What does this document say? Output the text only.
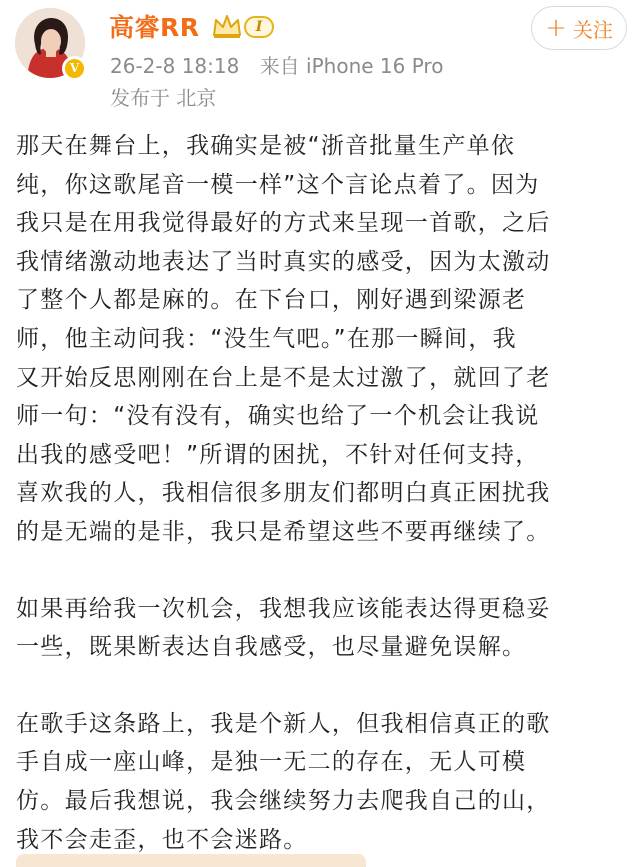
V
高睿RR	I
26-2-8 18:18 来自 iPhone 16 Pro
发布于 北京
+ 关注
那天在舞台上，我确实是被“浙音批量生产单依
纯，你这歌尾音一模一样”这个言论点着了。因为
我只是在用我觉得最好的方式来呈现一首歌，之后
我情绪激动地表达了当时真实的感受，因为太激动
了整个人都是麻的。在下台口，刚好遇到梁源老
师，他主动问我：“没生气吧。”在那一瞬间，我
又开始反思刚刚在台上是不是太过激了，就回了老
师一句：“没有没有，确实也给了一个机会让我说
出我的感受吧！”所谓的困扰，不针对任何支持，
喜欢我的人，我相信很多朋友们都明白真正困扰我
的是无端的是非，我只是希望这些不要再继续了。
如果再给我一次机会，我想我应该能表达得更稳妥
一些，既果断表达自我感受，也尽量避免误解。
在歌手这条路上，我是个新人，但我相信真正的歌
手自成一座山峰，是独一无二的存在，无人可模
仿。最后我想说，我会继续努力去爬我自己的山，
我不会走歪，也不会迷路。
